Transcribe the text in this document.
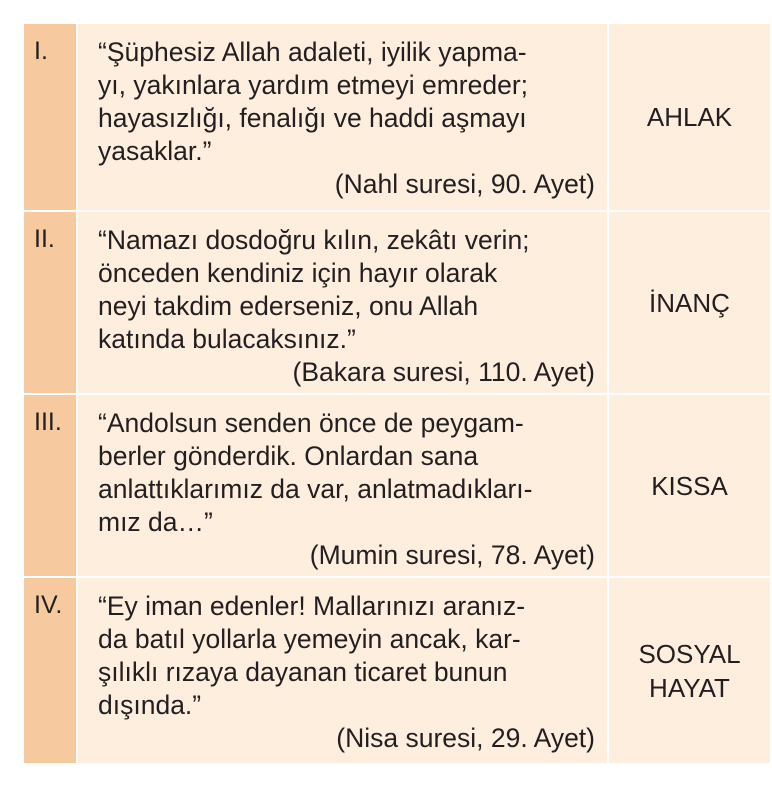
I.	“Şüphesiz Allah adaleti, iyilik yapma-
yı, yakınlara yardım etmeyi emreder;
hayasızlığı, fenalığı ve haddi aşmayı
yasaklar.”
(Nahl suresi, 90. Ayet)	AHLAK

II.	“Namazı dosdoğru kılın, zekâtı verin;
önceden kendiniz için hayır olarak
neyi takdim ederseniz, onu Allah
katında bulacaksınız.”
(Bakara suresi, 110. Ayet)	İNANÇ

III.	“Andolsun senden önce de peygam-
berler gönderdik. Onlardan sana
anlattıklarımız da var, anlatmadıkları-
mız da…”
(Mumin suresi, 78. Ayet)	KISSA

IV.	“Ey iman edenler! Mallarınızı aranız-
da batıl yollarla yemeyin ancak, kar-
şılıklı rızaya dayanan ticaret bunun
dışında.”
(Nisa suresi, 29. Ayet)	SOSYAL
HAYAT
